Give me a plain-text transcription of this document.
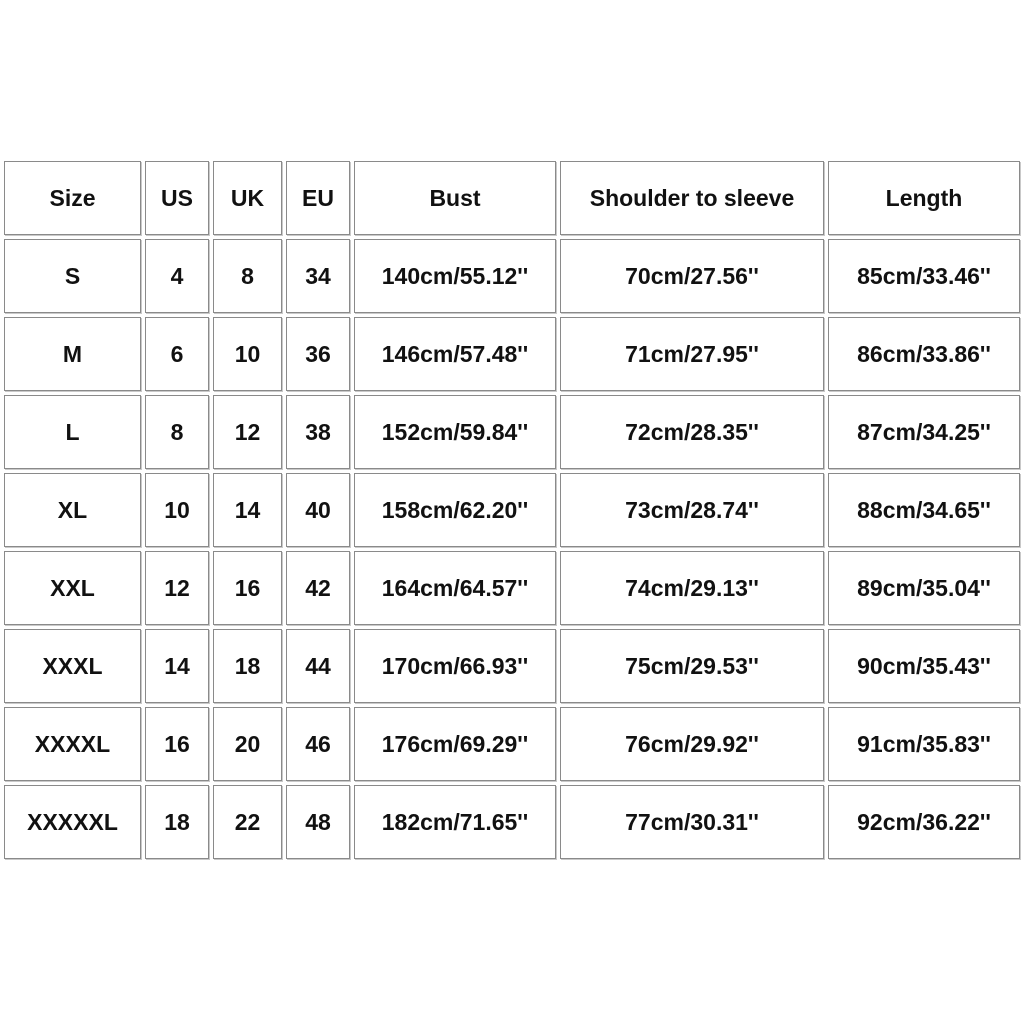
Size	US	UK	EU	Bust	Shoulder to sleeve	Length
S	4	8	34	140cm/55.12''	70cm/27.56''	85cm/33.46''
M	6	10	36	146cm/57.48''	71cm/27.95''	86cm/33.86''
L	8	12	38	152cm/59.84''	72cm/28.35''	87cm/34.25''
XL	10	14	40	158cm/62.20''	73cm/28.74''	88cm/34.65''
XXL	12	16	42	164cm/64.57''	74cm/29.13''	89cm/35.04''
XXXL	14	18	44	170cm/66.93''	75cm/29.53''	90cm/35.43''
XXXXL	16	20	46	176cm/69.29''	76cm/29.92''	91cm/35.83''
XXXXXL	18	22	48	182cm/71.65''	77cm/30.31''	92cm/36.22''
